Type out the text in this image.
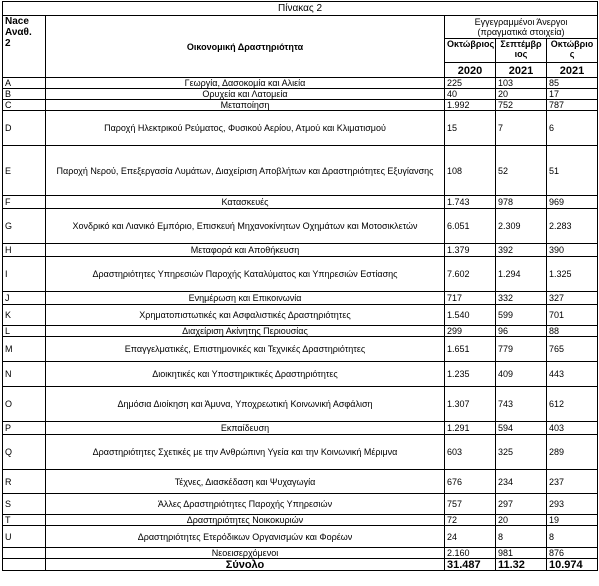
Πίνακας 2				
Nace
Αναθ.
2	Οικονομική Δραστηριότητα	Εγγεγραμμένοι Άνεργοι
(πραγματικά στοιχεία)		
		Οκτώβριος	Σεπτέμβρ ιος	Οκτώβριο ς
		2020	2021	2021
A	Γεωργία, Δασοκομία και Αλιεία	225	103	85
B	Ορυχεία και Λατομεία	40	20	17
C	Μεταποίηση	1.992	752	787
D	Παροχή Ηλεκτρικού Ρεύματος, Φυσικού Αερίου, Ατμού και Κλιματισμού	15	7	6
E	Παροχή Νερού, Επεξεργασία Λυμάτων, Διαχείριση Αποβλήτων και Δραστηριότητες Εξυγίανσης	108	52	51
F	Κατασκευές	1.743	978	969
G	Χονδρικό και Λιανικό Εμπόριο, Επισκευή Μηχανοκίνητων Οχημάτων και Μοτοσικλετών	6.051	2.309	2.283
H	Μεταφορά και Αποθήκευση	1.379	392	390
I	Δραστηριότητες Υπηρεσιών Παροχής Καταλύματος και Υπηρεσιών Εστίασης	7.602	1.294	1.325
J	Ενημέρωση και Επικοινωνία	717	332	327
K	Χρηματοπιστωτικές και Ασφαλιστικές Δραστηριότητες	1.540	599	701
L	Διαχείριση Ακίνητης Περιουσίας	299	96	88
M	Επαγγελματικές, Επιστημονικές και Τεχνικές Δραστηριότητες	1.651	779	765
N	Διοικητικές και Υποστηρικτικές Δραστηριότητες	1.235	409	443
O	Δημόσια Διοίκηση και Άμυνα, Υποχρεωτική Κοινωνική Ασφάλιση	1.307	743	612
P	Εκπαίδευση	1.291	594	403
Q	Δραστηριότητες Σχετικές με την Ανθρώπινη Υγεία και την Κοινωνική Μέριμνα	603	325	289
R	Τέχνες, Διασκέδαση και Ψυχαγωγία	676	234	237
S	Άλλες Δραστηριότητες Παροχής Υπηρεσιών	757	297	293
T	Δραστηριότητες Νοικοκυριών	72	20	19
U	Δραστηριότητες Ετερόδικων Οργανισμών και Φορέων	24	8	8
	Νεοεισερχόμενοι	2.160	981	876
	Σύνολο	31.487	11.32	10.974
